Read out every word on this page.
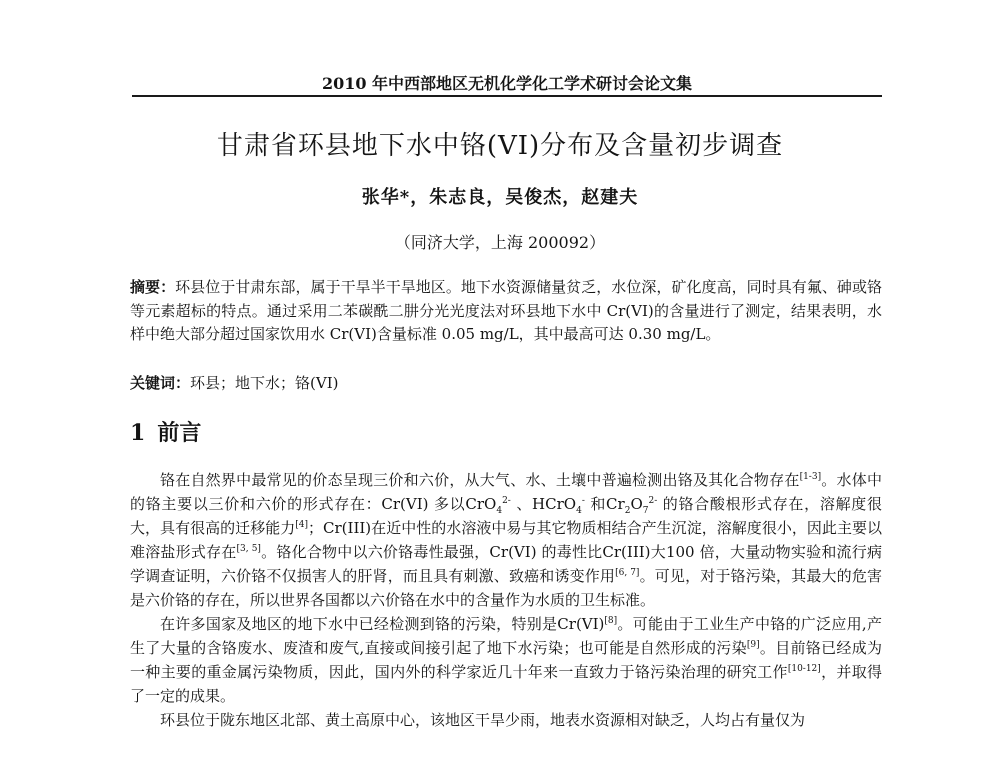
2010 年中西部地区无机化学化工学术研讨会论文集
甘肃省环县地下水中铬(VI)分布及含量初步调查
张华*，朱志良，吴俊杰，赵建夫
（同济大学，上海 200092）

摘要：环县位于甘肃东部，属于干旱半干旱地区。地下水资源储量贫乏，水位深，矿化度高，同时具有氟、砷或铬等元素超标的特点。通过采用二苯碳酰二肼分光光度法对环县地下水中 Cr(VI)的含量进行了测定，结果表明，水样中绝大部分超过国家饮用水 Cr(VI)含量标准 0.05 mg/L，其中最高可达 0.30 mg/L。

关键词：环县；地下水；铬(VI)
1 前言

铬在自然界中最常见的价态呈现三价和六价，从大气、水、土壤中普遍检测出铬及其化合物存在[1-3]。水体中的铬主要以三价和六价的形式存在：Cr(VI) 多以CrO$_4^{2-}$ 、HCrO$_4$- 和$Cr_2O_7^{2-}$ 的铬合酸根形式存在，溶解度很大，具有很高的迁移能力[4]；Cr(III)在近中性的水溶液中易与其它物质相结合产生沉淀，溶解度很小，因此主要以难溶盐形式存在[3, 5]。铬化合物中以六价铬毒性最强，Cr(VI) 的毒性比Cr(III)大100 倍，大量动物实验和流行病学调查证明，六价铬不仅损害人的肝肾，而且具有刺激、致癌和诱变作用[6, 7]。可见，对于铬污染，其最大的危害是六价铬的存在，所以世界各国都以六价铬在水中的含量作为水质的卫生标准。

在许多国家及地区的地下水中已经检测到铬的污染，特别是Cr(VI)[8]。可能由于工业生产中铬的广泛应用,产生了大量的含铬废水、废渣和废气,直接或间接引起了地下水污染；也可能是自然形成的污染[9]。目前铬已经成为一种主要的重金属污染物质，因此，国内外的科学家近几十年来一直致力于铬污染治理的研究工作[10-12]，并取得了一定的成果。

环县位于陇东地区北部、黄土高原中心，该地区干旱少雨，地表水资源相对缺乏，人均占有量仅为
